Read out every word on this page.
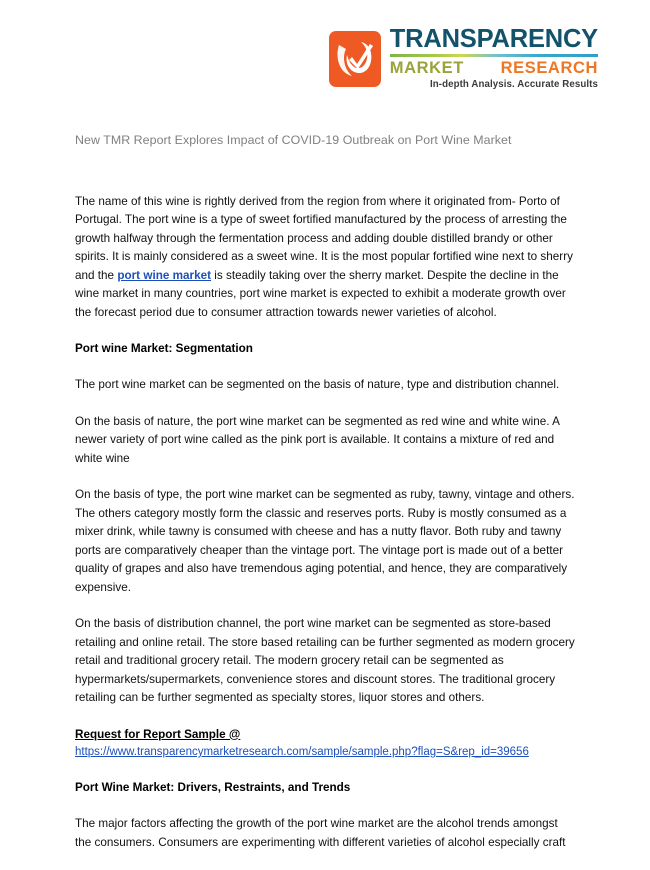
TRANSPARENCY
MARKET RESEARCH
In-depth Analysis. Accurate Results
New TMR Report Explores Impact of COVID-19 Outbreak on Port Wine Market

The name of this wine is rightly derived from the region from where it originated from- Porto of Portugal. The port wine is a type of sweet fortified manufactured by the process of arresting the growth halfway through the fermentation process and adding double distilled brandy or other spirits. It is mainly considered as a sweet wine. It is the most popular fortified wine next to sherry and the port wine market is steadily taking over the sherry market. Despite the decline in the wine market in many countries, port wine market is expected to exhibit a moderate growth over the forecast period due to consumer attraction towards newer varieties of alcohol.

Port wine Market: Segmentation

The port wine market can be segmented on the basis of nature, type and distribution channel.

On the basis of nature, the port wine market can be segmented as red wine and white wine. A newer variety of port wine called as the pink port is available. It contains a mixture of red and white wine

On the basis of type, the port wine market can be segmented as ruby, tawny, vintage and others. The others category mostly form the classic and reserves ports. Ruby is mostly consumed as a mixer drink, while tawny is consumed with cheese and has a nutty flavor. Both ruby and tawny ports are comparatively cheaper than the vintage port. The vintage port is made out of a better quality of grapes and also have tremendous aging potential, and hence, they are comparatively expensive.

On the basis of distribution channel, the port wine market can be segmented as store-based retailing and online retail. The store based retailing can be further segmented as modern grocery retail and traditional grocery retail. The modern grocery retail can be segmented as hypermarkets/supermarkets, convenience stores and discount stores. The traditional grocery retailing can be further segmented as specialty stores, liquor stores and others.

Request for Report Sample @
https://www.transparencymarketresearch.com/sample/sample.php?flag=S&rep_id=39656
Port Wine Market: Drivers, Restraints, and Trends

The major factors affecting the growth of the port wine market are the alcohol trends amongst the consumers. Consumers are experimenting with different varieties of alcohol especially craft
